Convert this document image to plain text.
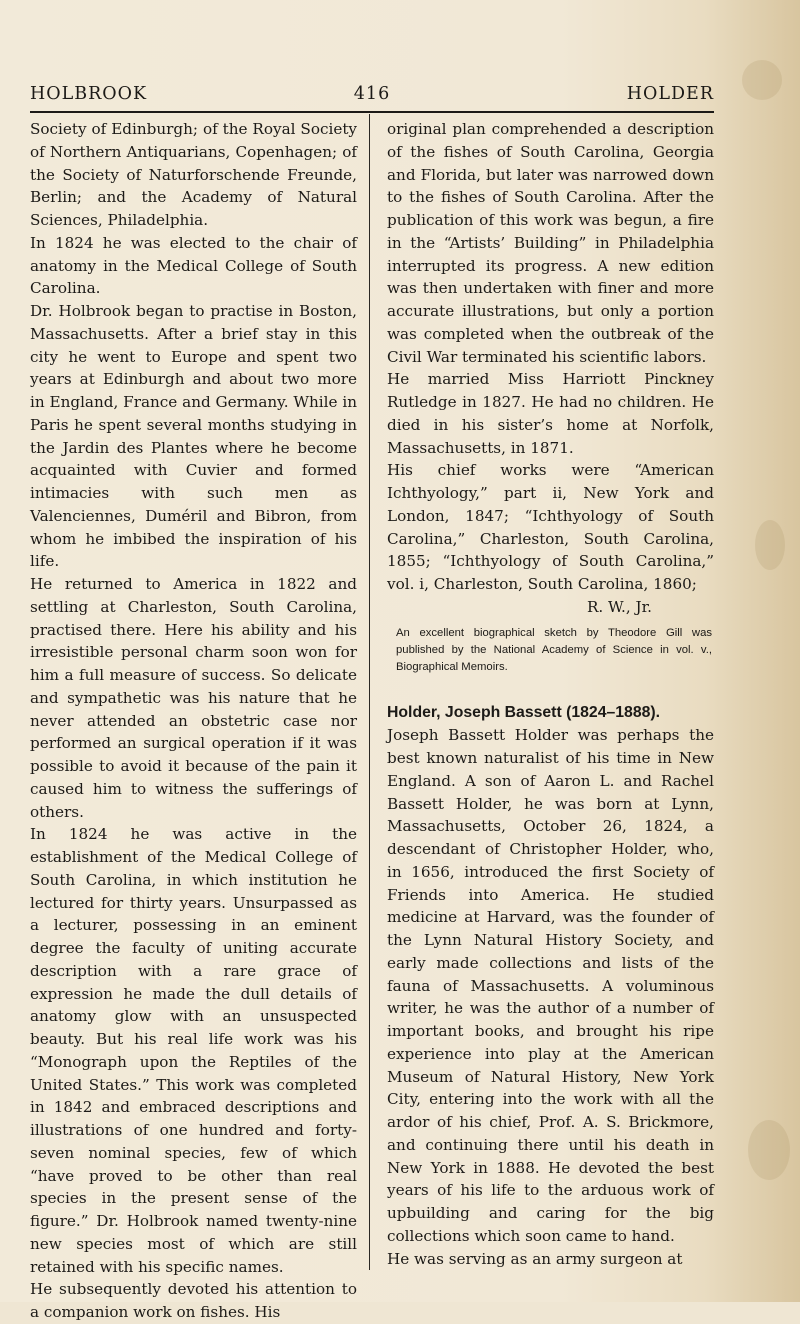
HOLBROOK	416	HOLDER

Society of Edinburgh; of the Royal Society of Northern Antiquarians, Copenhagen; of the Society of Naturforschende Freunde, Berlin; and the Academy of Natural Sciences, Philadelphia.

In 1824 he was elected to the chair of anatomy in the Medical College of South Carolina.

Dr. Holbrook began to practise in Boston, Massachusetts. After a brief stay in this city he went to Europe and spent two years at Edinburgh and about two more in England, France and Germany. While in Paris he spent several months studying in the Jardin des Plantes where he become acquainted with Cuvier and formed intimacies with such men as Valenciennes, Duméril and Bibron, from whom he imbibed the inspiration of his life.

He returned to America in 1822 and settling at Charleston, South Carolina, practised there. Here his ability and his irresistible personal charm soon won for him a full measure of success. So delicate and sympathetic was his nature that he never attended an obstetric case nor performed an surgical operation if it was possible to avoid it because of the pain it caused him to witness the sufferings of others.

In 1824 he was active in the establishment of the Medical College of South Carolina, in which institution he lectured for thirty years. Unsurpassed as a lecturer, possessing in an eminent degree the faculty of uniting accurate description with a rare grace of expression he made the dull details of anatomy glow with an unsuspected beauty. But his real life work was his “Monograph upon the Reptiles of the United States.” This work was completed in 1842 and embraced descriptions and illustrations of one hundred and forty-seven nominal species, few of which “have proved to be other than real species in the present sense of the figure.” Dr. Holbrook named twenty-nine new species most of which are still retained with his specific names.

He subsequently devoted his attention to a companion work on fishes. His

original plan comprehended a description of the fishes of South Carolina, Georgia and Florida, but later was narrowed down to the fishes of South Carolina. After the publication of this work was begun, a fire in the “Artists’ Building” in Philadelphia interrupted its progress. A new edition was then undertaken with finer and more accurate illustrations, but only a portion was completed when the outbreak of the Civil War terminated his scientific labors.

He married Miss Harriott Pinckney Rutledge in 1827. He had no children. He died in his sister’s home at Norfolk, Massachusetts, in 1871.

His chief works were “American Ichthyology,” part ii, New York and London, 1847; “Ichthyology of South Carolina,” Charleston, South Carolina, 1855; “Ichthyology of South Carolina,” vol. i, Charleston, South Carolina, 1860;

R. W., Jr.

An excellent biographical sketch by Theodore Gill was published by the National Academy of Science in vol. v., Biographical Memoirs.

Holder, Joseph Bassett (1824–1888).

Joseph Bassett Holder was perhaps the best known naturalist of his time in New England. A son of Aaron L. and Rachel Bassett Holder, he was born at Lynn, Massachusetts, October 26, 1824, a descendant of Christopher Holder, who, in 1656, introduced the first Society of Friends into America. He studied medicine at Harvard, was the founder of the Lynn Natural History Society, and early made collections and lists of the fauna of Massachusetts. A voluminous writer, he was the author of a number of important books, and brought his ripe experience into play at the American Museum of Natural History, New York City, entering into the work with all the ardor of his chief, Prof. A. S. Brickmore, and continuing there until his death in New York in 1888. He devoted the best years of his life to the arduous work of upbuilding and caring for the big collections which soon came to hand.

He was serving as an army surgeon at
